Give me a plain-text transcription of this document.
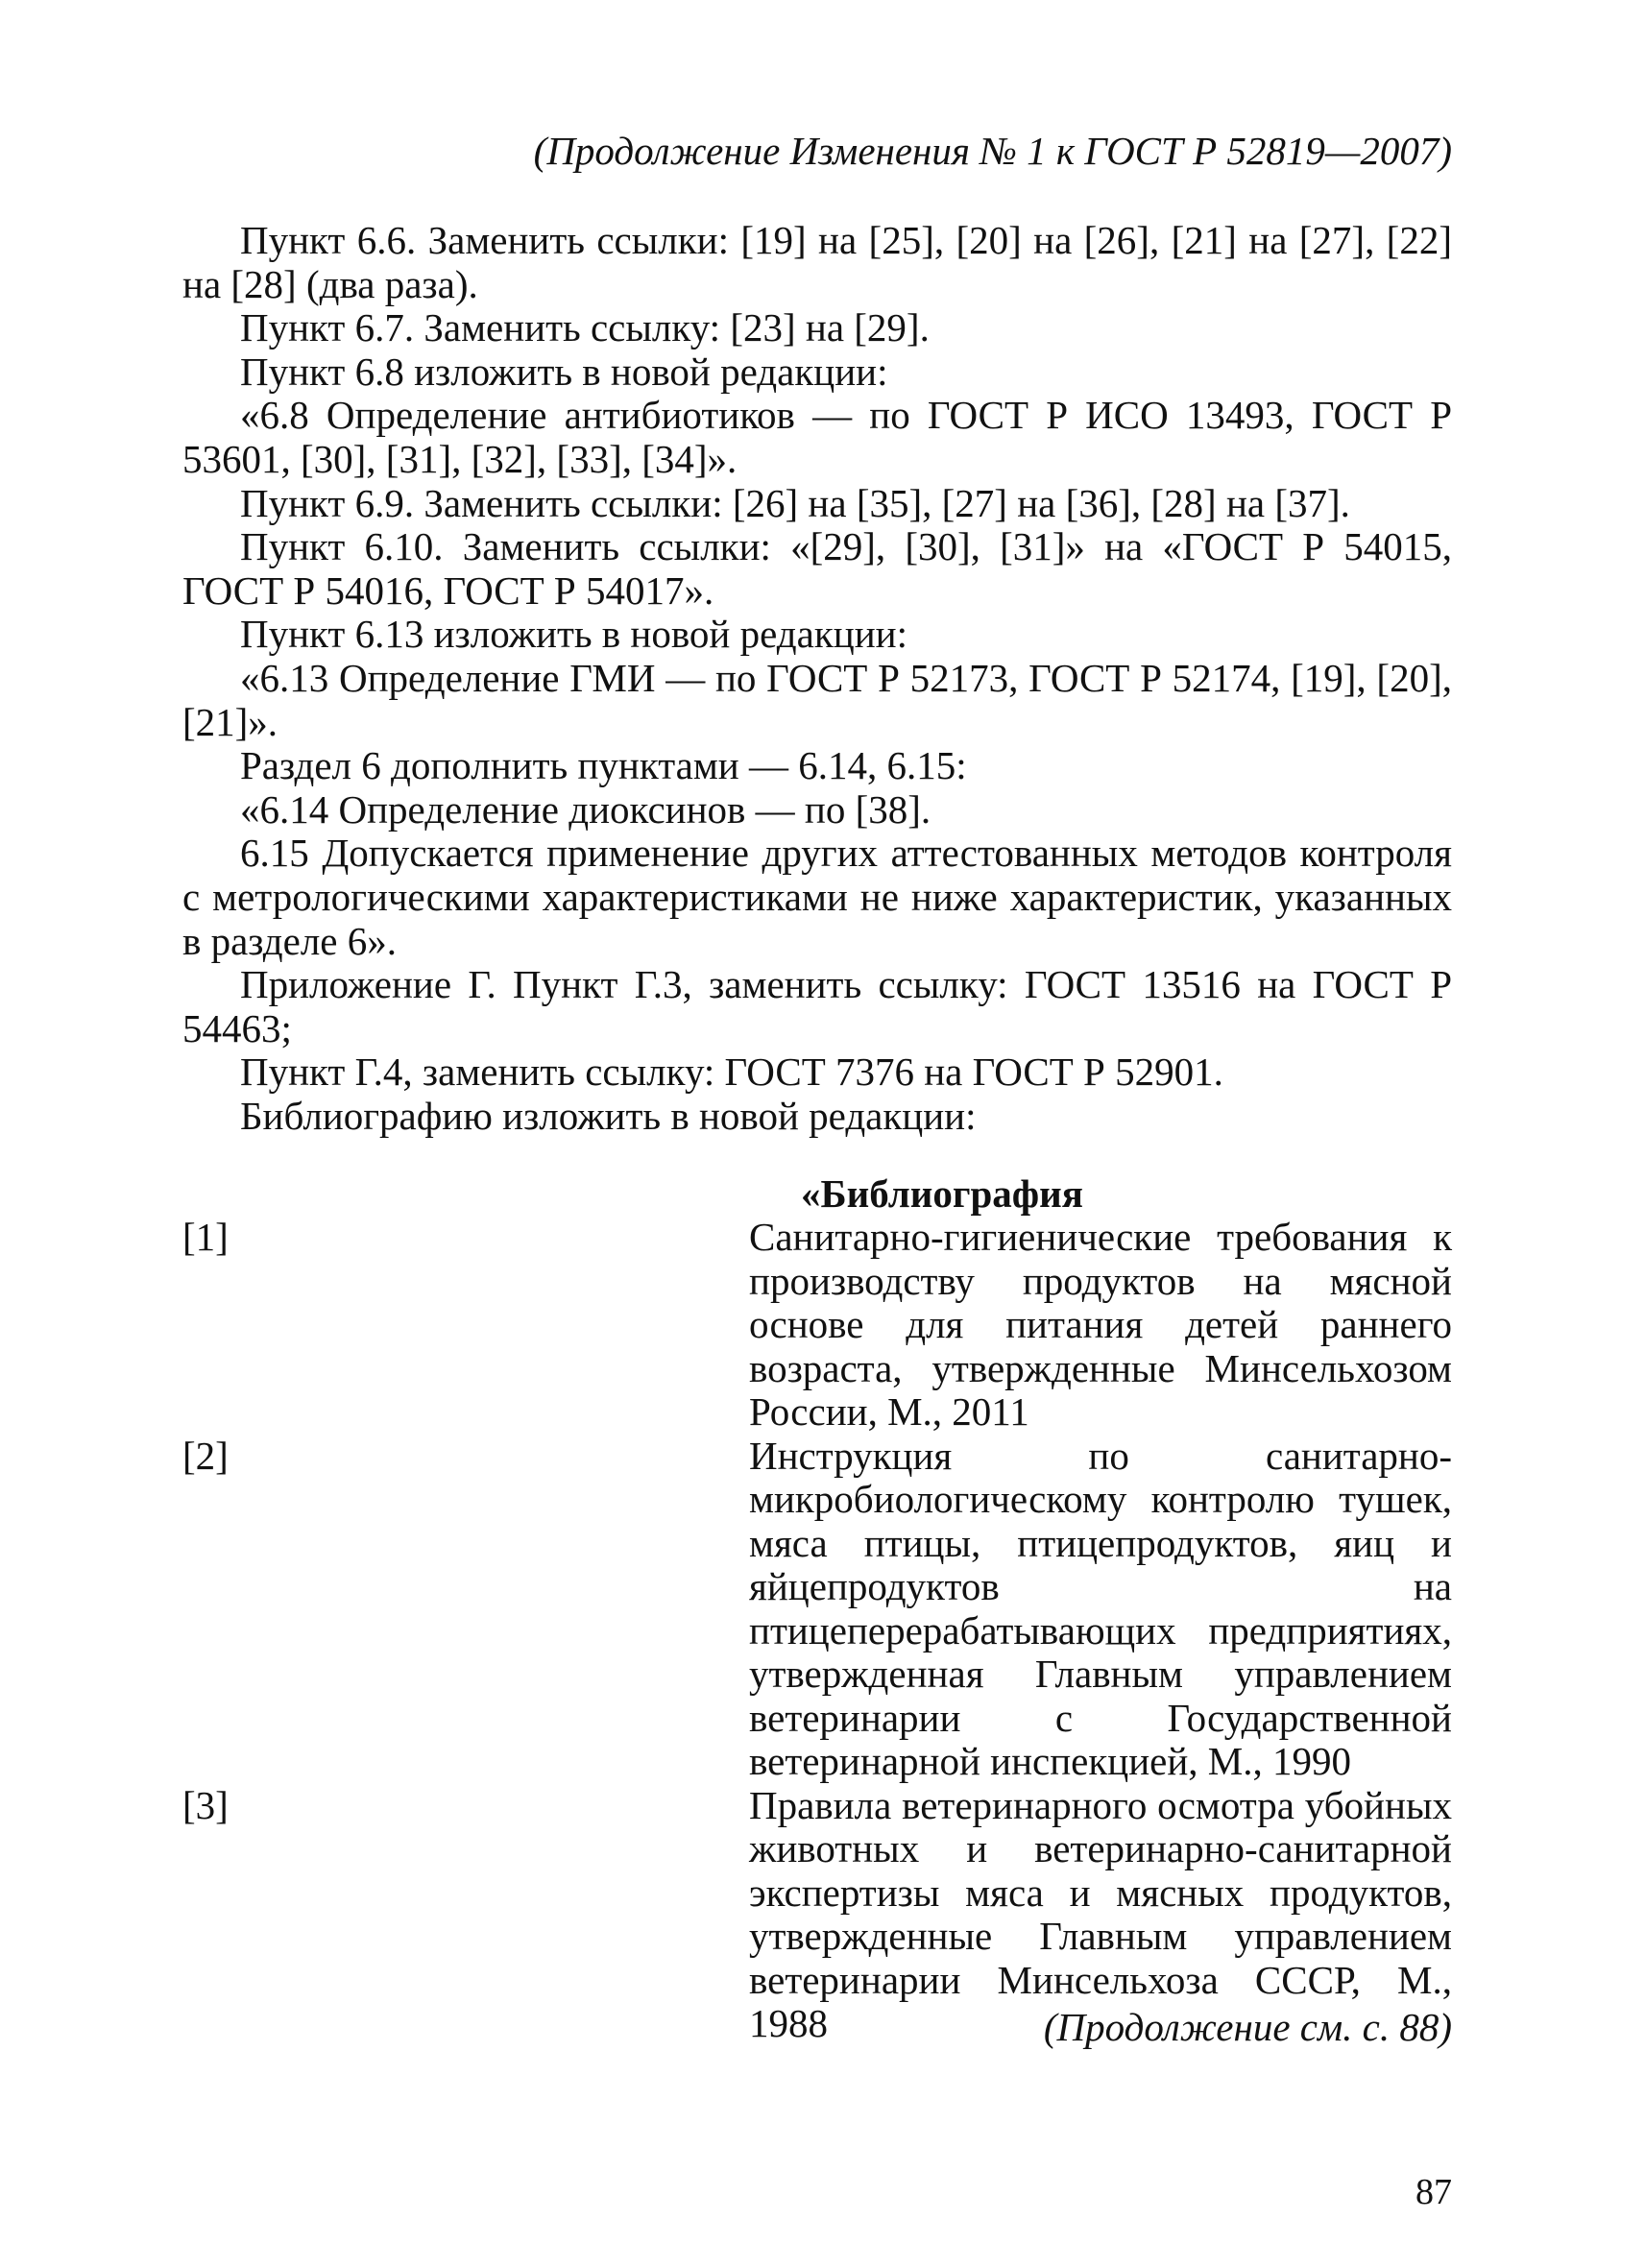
(Продолжение Изменения № 1 к ГОСТ Р 52819—2007)

Пункт 6.6. Заменить ссылки: [19] на [25], [20] на [26], [21] на [27], [22] на [28] (два раза).

Пункт 6.7. Заменить ссылку: [23] на [29].

Пункт 6.8 изложить в новой редакции:

«6.8 Определение антибиотиков — по ГОСТ Р ИСО 13493, ГОСТ Р 53601, [30], [31], [32], [33], [34]».

Пункт 6.9. Заменить ссылки: [26] на [35], [27] на [36], [28] на [37].

Пункт 6.10. Заменить ссылки: «[29], [30], [31]» на «ГОСТ Р 54015, ГОСТ Р 54016, ГОСТ Р 54017».

Пункт 6.13 изложить в новой редакции:

«6.13 Определение ГМИ — по ГОСТ Р 52173, ГОСТ Р 52174, [19], [20], [21]».

Раздел 6 дополнить пунктами — 6.14, 6.15:

«6.14 Определение диоксинов — по [38].

6.15 Допускается применение других аттестованных методов контроля с метрологическими характеристиками не ниже характеристик, указанных в разделе 6».

Приложение Г. Пункт Г.3, заменить ссылку: ГОСТ 13516 на ГОСТ Р 54463;

Пункт Г.4, заменить ссылку: ГОСТ 7376 на ГОСТ Р 52901.

Библиографию изложить в новой редакции:

«Библиография
[1]	Санитарно-гигиенические требования к производству продуктов на мясной основе для питания детей раннего возраста, утвержденные Минсельхозом России, М., 2011
[2]	Инструкция по санитарно-микробиологическому контролю тушек, мяса птицы, птицепродуктов, яиц и яйцепродуктов на птицеперерабатывающих предприятиях, утвержденная Главным управлением ветеринарии с Государственной ветеринарной инспекцией, М., 1990
[3]	Правила ветеринарного осмотра убойных животных и ветеринарно-санитарной экспертизы мяса и мясных продуктов, утвержденные Главным управлением ветеринарии Минсельхоза СССР, М., 1988	(Продолжение см. с. 88)
87
